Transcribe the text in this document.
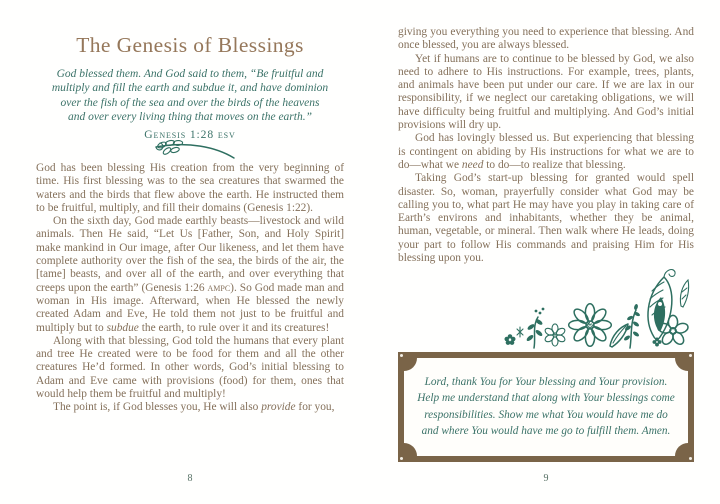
The Genesis of Blessings
God blessed them. And God said to them, “Be fruitful and
multiply and fill the earth and subdue it, and have dominion
over the fish of the sea and over the birds of the heavens
and over every living thing that moves on the earth.”
Genesis 1:28 esv

God has been blessing His creation from the very beginning of time. His first blessing was to the sea creatures that swarmed the waters and the birds that flew above the earth. He instructed them to be fruitful, multiply, and fill their domains (Genesis 1:22).

On the sixth day, God made earthly beasts—livestock and wild animals. Then He said, “Let Us [Father, Son, and Holy Spirit] make mankind in Our image, after Our likeness, and let them have complete authority over the fish of the sea, the birds of the air, the [tame] beasts, and over all of the earth, and over everything that creeps upon the earth” (Genesis 1:26 ampc). So God made man and woman in His image. Afterward, when He blessed the newly created Adam and Eve, He told them not just to be fruitful and multiply but to subdue the earth, to rule over it and its creatures!

Along with that blessing, God told the humans that every plant and tree He created were to be food for them and all the other creatures He’d formed. In other words, God’s initial blessing to Adam and Eve came with provisions (food) for them, ones that would help them be fruitful and multiply!

The point is, if God blesses you, He will also provide for you,

8

giving you everything you need to experience that blessing. And once blessed, you are always blessed.

Yet if humans are to continue to be blessed by God, we also need to adhere to His instructions. For example, trees, plants, and animals have been put under our care. If we are lax in our responsibility, if we neglect our caretaking obligations, we will have difficulty being fruitful and multiplying. And God’s initial provisions will dry up.

God has lovingly blessed us. But experiencing that blessing is contingent on abiding by His instructions for what we are to do—what we need to do—to realize that blessing.

Taking God’s start-up blessing for granted would spell disaster. So, woman, prayerfully consider what God may be calling you to, what part He may have you play in taking care of Earth’s environs and inhabitants, whether they be animal, human, vegetable, or mineral. Then walk where He leads, doing your part to follow His commands and praising Him for His blessing upon you.

Lord, thank You for Your blessing and Your provision. Help me understand that along with Your blessings come responsibilities. Show me what You would have me do and where You would have me go to fulfill them. Amen.

9
